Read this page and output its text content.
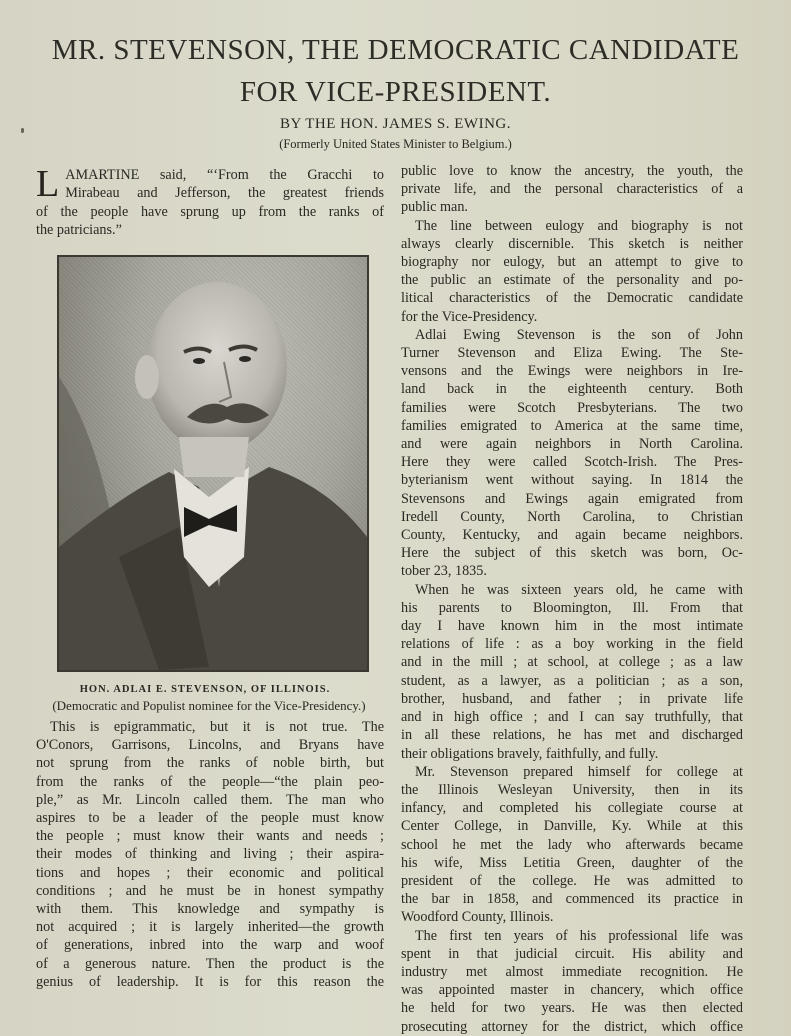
MR. STEVENSON, THE DEMOCRATIC CANDIDATE
FOR VICE-PRESIDENT.
BY THE HON. JAMES S. EWING.
(Formerly United States Minister to Belgium.)
L AMARTINE said, “‘From the Gracchi to
Mirabeau and Jefferson, the greatest friends
of the people have sprung up from the ranks of
the patricians.”
HON. ADLAI E. STEVENSON, OF ILLINOIS.
(Democratic and Populist nominee for the Vice-Presidency.)
This is epigrammatic, but it is not true. The
O'Conors, Garrisons, Lincolns, and Bryans have
not sprung from the ranks of noble birth, but
from the ranks of the people—“the plain peo-
ple,” as Mr. Lincoln called them. The man who
aspires to be a leader of the people must know
the people ; must know their wants and needs ;
their modes of thinking and living ; their aspira-
tions and hopes ; their economic and political
conditions ; and he must be in honest sympathy
with them. This knowledge and sympathy is
not acquired ; it is largely inherited—the growth
of generations, inbred into the warp and woof
of a generous nature. Then the product is the
genius of leadership. It is for this reason the
public love to know the ancestry, the youth, the
private life, and the personal characteristics of a
public man.
The line between eulogy and biography is not
always clearly discernible. This sketch is neither
biography nor eulogy, but an attempt to give to
the public an estimate of the personality and po-
litical characteristics of the Democratic candidate
for the Vice-Presidency.
Adlai Ewing Stevenson is the son of John
Turner Stevenson and Eliza Ewing. The Ste-
vensons and the Ewings were neighbors in Ire-
land back in the eighteenth century. Both
families were Scotch Presbyterians. The two
families emigrated to America at the same time,
and were again neighbors in North Carolina.
Here they were called Scotch-Irish. The Pres-
byterianism went without saying. In 1814 the
Stevensons and Ewings again emigrated from
Iredell County, North Carolina, to Christian
County, Kentucky, and again became neighbors.
Here the subject of this sketch was born, Oc-
tober 23, 1835.
When he was sixteen years old, he came with
his parents to Bloomington, Ill. From that
day I have known him in the most intimate
relations of life : as a boy working in the field
and in the mill ; at school, at college ; as a law
student, as a lawyer, as a politician ; as a son,
brother, husband, and father ; in private life
and in high office ; and I can say truthfully, that
in all these relations, he has met and discharged
their obligations bravely, faithfully, and fully.
Mr. Stevenson prepared himself for college at
the Illinois Wesleyan University, then in its
infancy, and completed his collegiate course at
Center College, in Danville, Ky. While at this
school he met the lady who afterwards became
his wife, Miss Letitia Green, daughter of the
president of the college. He was admitted to
the bar in 1858, and commenced its practice in
Woodford County, Illinois.
The first ten years of his professional life was
spent in that judicial circuit. His ability and
industry met almost immediate recognition. He
was appointed master in chancery, which office
he held for two years. He was then elected
prosecuting attorney for the district, which office
